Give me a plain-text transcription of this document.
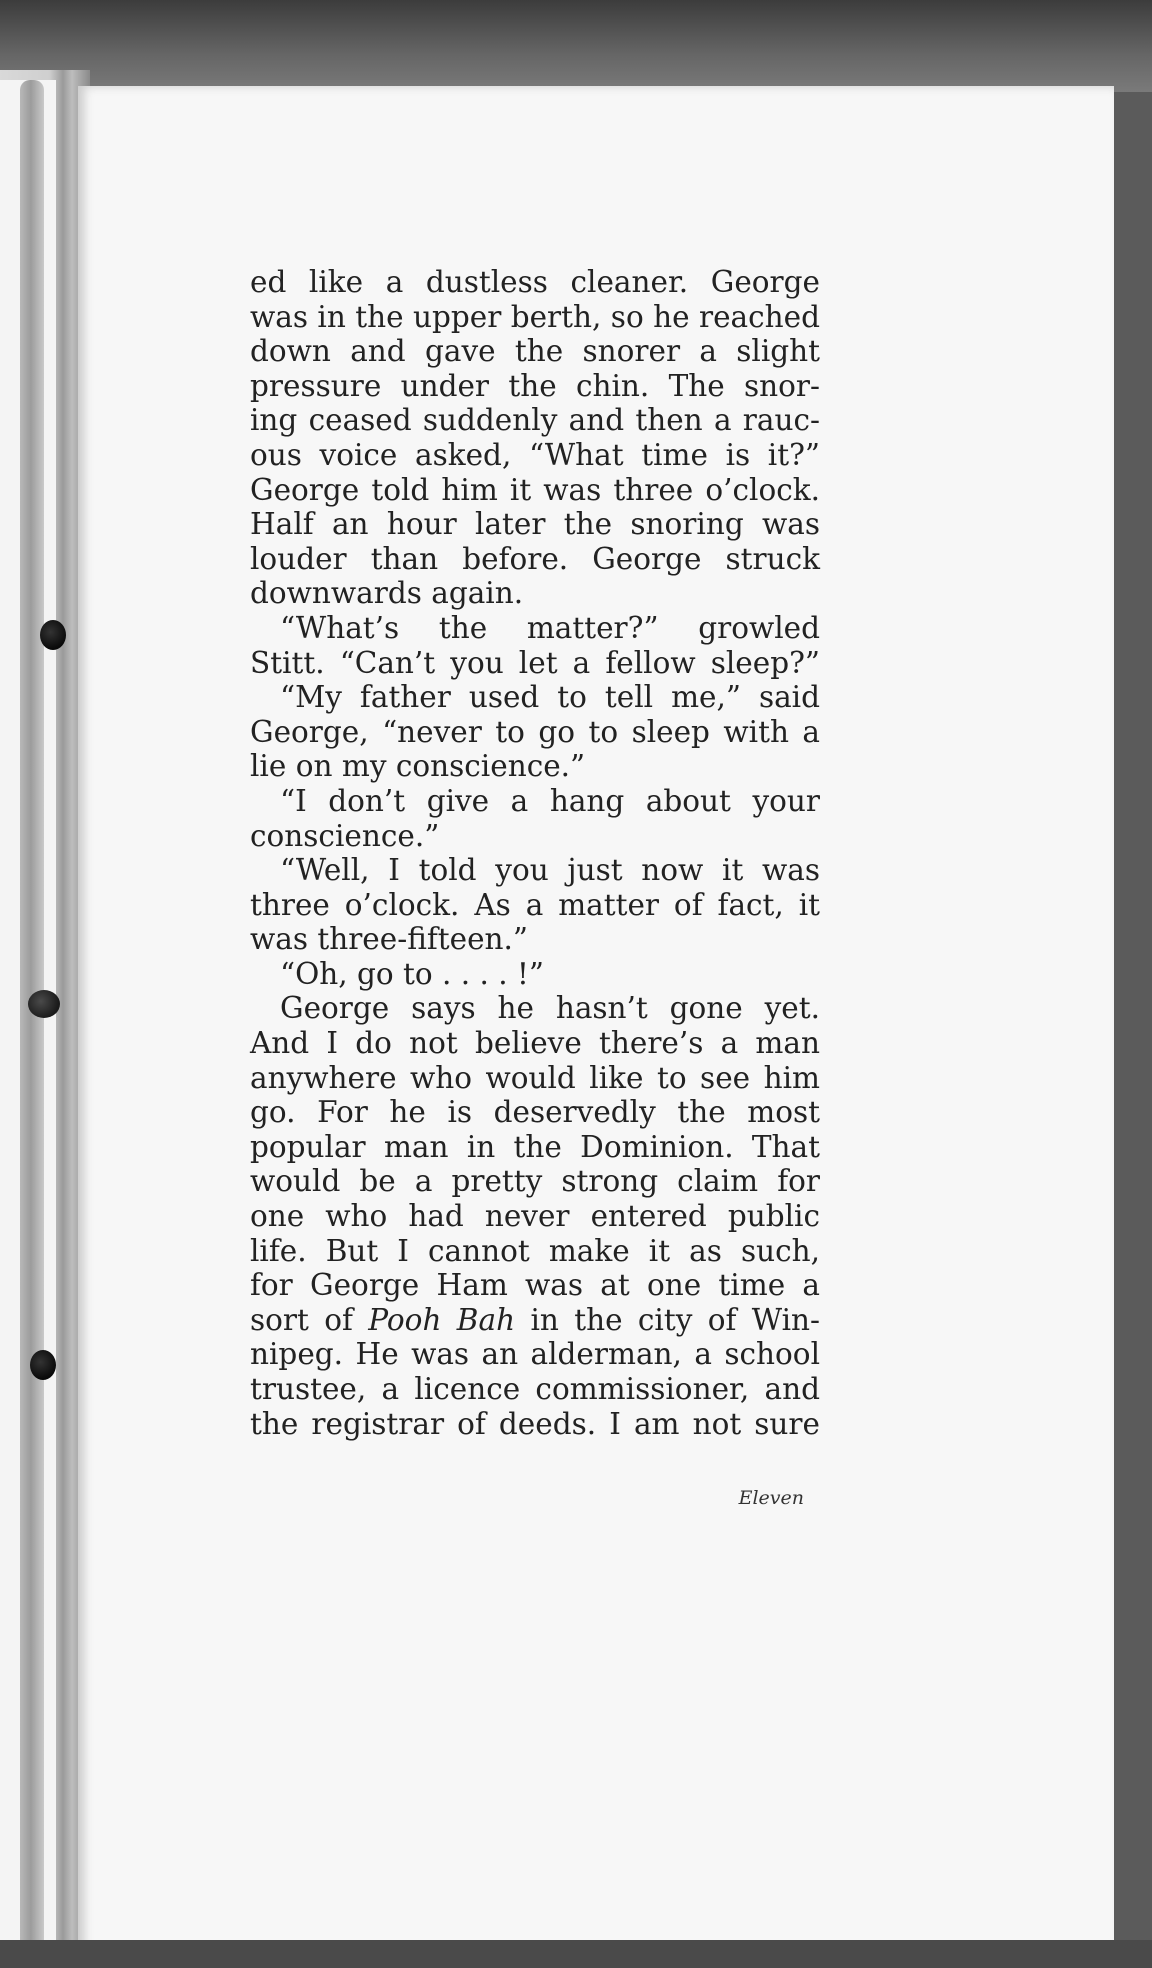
ed like a dustless cleaner. George
was in the upper berth, so he reached
down and gave the snorer a slight
pressure under the chin. The snor-
ing ceased suddenly and then a rauc-
ous voice asked, “What time is it?”
George told him it was three o’clock.
Half an hour later the snoring was
louder than before. George struck
downwards again.
“What’s the matter?” growled
Stitt. “Can’t you let a fellow sleep?”
“My father used to tell me,” said
George, “never to go to sleep with a
lie on my conscience.”
“I don’t give a hang about your
conscience.”
“Well, I told you just now it was
three o’clock. As a matter of fact, it
was three-fifteen.”
“Oh, go to . . . . !”
George says he hasn’t gone yet.
And I do not believe there’s a man
anywhere who would like to see him
go. For he is deservedly the most
popular man in the Dominion. That
would be a pretty strong claim for
one who had never entered public
life. But I cannot make it as such,
for George Ham was at one time a
sort of Pooh Bah in the city of Win-
nipeg. He was an alderman, a school
trustee, a licence commissioner, and
the registrar of deeds. I am not sure
Eleven
